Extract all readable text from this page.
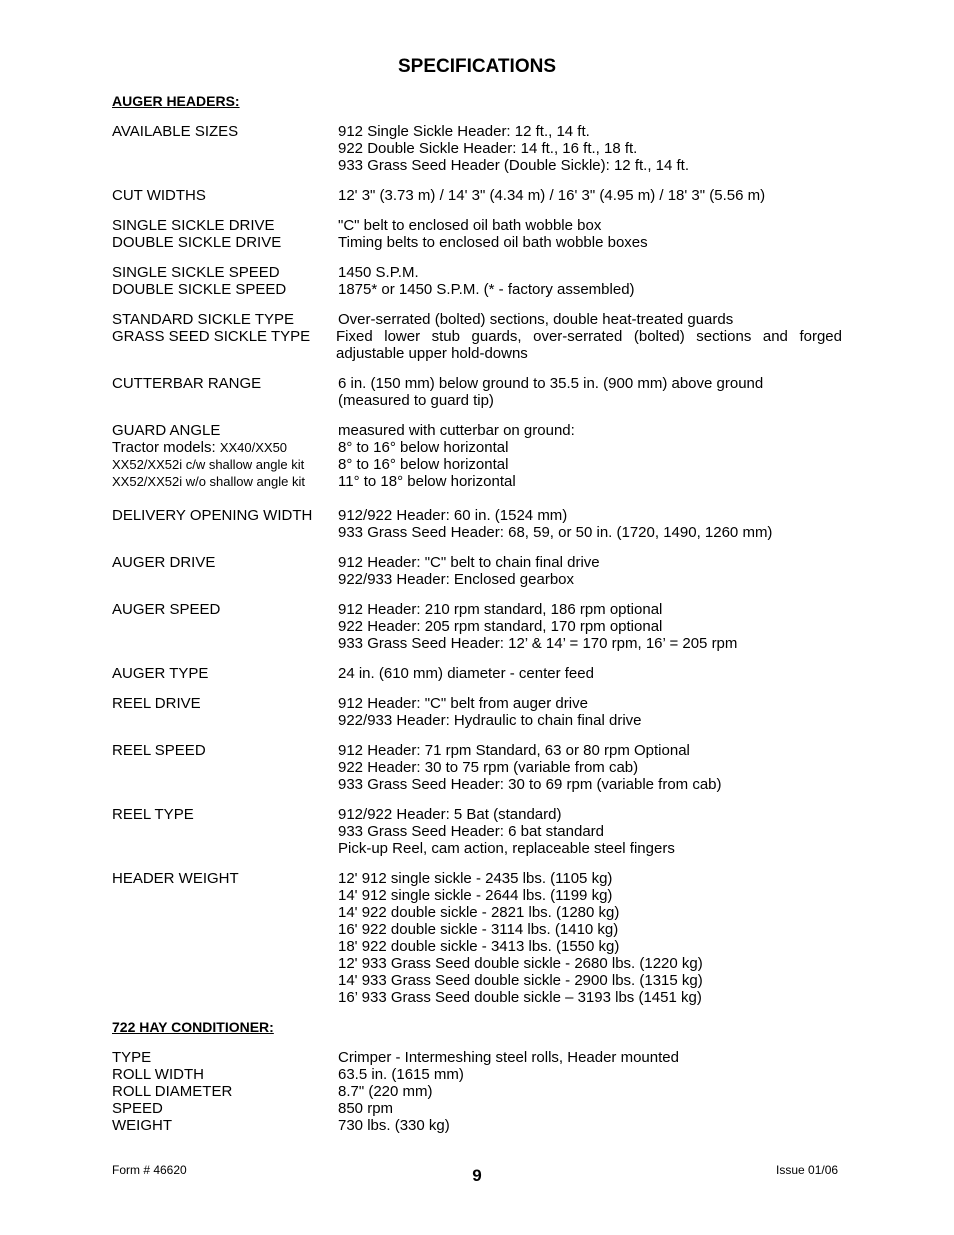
SPECIFICATIONS
AUGER HEADERS:
AVAILABLE SIZES	912 Single Sickle Header: 12 ft., 14 ft.
922 Double Sickle Header: 14 ft., 16 ft., 18 ft.
933 Grass Seed Header (Double Sickle): 12 ft., 14 ft.
CUT WIDTHS	12' 3" (3.73 m) / 14' 3" (4.34 m) / 16' 3" (4.95 m) / 18' 3" (5.56 m)
SINGLE SICKLE DRIVE	"C" belt to enclosed oil bath wobble box
DOUBLE SICKLE DRIVE	Timing belts to enclosed oil bath wobble boxes
SINGLE SICKLE SPEED	1450 S.P.M.
DOUBLE SICKLE SPEED	1875* or 1450 S.P.M. (* - factory assembled)
STANDARD SICKLE TYPE	Over-serrated (bolted) sections, double heat-treated guards
GRASS SEED SICKLE TYPE Fixed lower stub guards, over-serrated (bolted) sections and forged
adjustable upper hold-downs
CUTTERBAR RANGE	6 in. (150 mm) below ground to 35.5 in. (900 mm) above ground
(measured to guard tip)
GUARD ANGLE	measured with cutterbar on ground:
Tractor models: XX40/XX50	8° to 16° below horizontal
XX52/XX52i c/w shallow angle kit 8° to 16° below horizontal
XX52/XX52i w/o shallow angle kit 11° to 18° below horizontal
DELIVERY OPENING WIDTH 912/922 Header: 60 in. (1524 mm)
933 Grass Seed Header: 68, 59, or 50 in. (1720, 1490, 1260 mm)
AUGER DRIVE	912 Header: "C" belt to chain final drive
922/933 Header: Enclosed gearbox
AUGER SPEED	912 Header: 210 rpm standard, 186 rpm optional
922 Header: 205 rpm standard, 170 rpm optional
933 Grass Seed Header: 12’ & 14’ = 170 rpm, 16’ = 205 rpm
AUGER TYPE	24 in. (610 mm) diameter - center feed
REEL DRIVE	912 Header: "C" belt from auger drive
922/933 Header: Hydraulic to chain final drive
REEL SPEED	912 Header: 71 rpm Standard, 63 or 80 rpm Optional
922 Header: 30 to 75 rpm (variable from cab)
933 Grass Seed Header: 30 to 69 rpm (variable from cab)
REEL TYPE	912/922 Header: 5 Bat (standard)
933 Grass Seed Header: 6 bat standard
Pick-up Reel, cam action, replaceable steel fingers
HEADER WEIGHT	12' 912 single sickle - 2435 lbs. (1105 kg)
14' 912 single sickle - 2644 lbs. (1199 kg)
14' 922 double sickle - 2821 lbs. (1280 kg)
16' 922 double sickle - 3114 lbs. (1410 kg)
18' 922 double sickle - 3413 lbs. (1550 kg)
12' 933 Grass Seed double sickle - 2680 lbs. (1220 kg)
14' 933 Grass Seed double sickle - 2900 lbs. (1315 kg)
16’ 933 Grass Seed double sickle – 3193 lbs (1451 kg)
722 HAY CONDITIONER:
TYPE	Crimper - Intermeshing steel rolls, Header mounted
ROLL WIDTH	63.5 in. (1615 mm)
ROLL DIAMETER	8.7" (220 mm)
SPEED	850 rpm
WEIGHT	730 lbs. (330 kg)
Form # 46620	9	Issue 01/06
